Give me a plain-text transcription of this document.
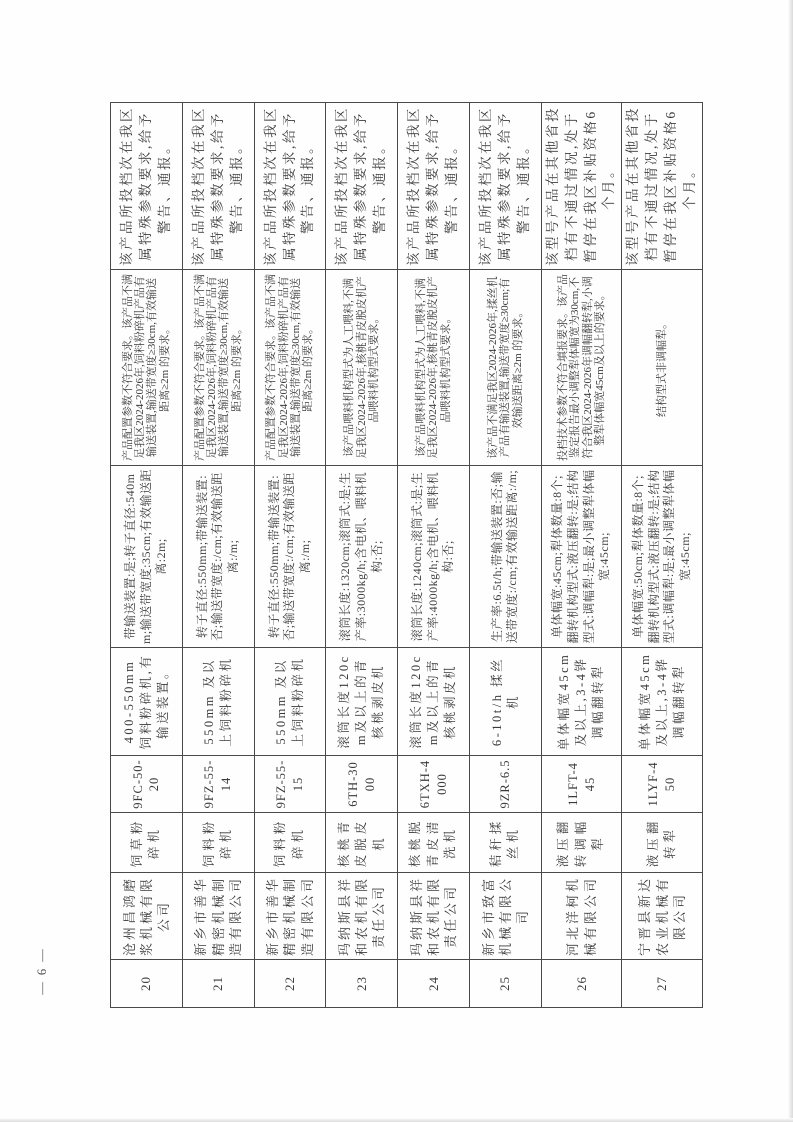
20	沧州昌鸿磨浆机械有限公司	饲草粉碎机	9FC-50-20	400-550mm 饲料粉碎机,有输送装置。	带输送装置:是;转子直径:540mm;输送带宽度:35cm;有效输送距离:2m;	产品配置参数不符合要求。该产品不满足我区2024-2026年,饲料粉碎机产品有输送装置,输送带宽度≥30cm,有效输送距离≥2m 的要求。	该产品所投档次在我区属特殊参数要求,给予警告、通报。
21	新乡市善华精密机械制造有限公司	饲料粉碎机	9FZ-55-14	550mm 及以上饲料粉碎机	转子直径:550mm;带输送装置:否;输送带宽度:/cm;有效输送距离:/m;	产品配置参数不符合要求。该产品不满足我区2024-2026年,饲料粉碎机产品有输送装置,输送带宽度≥30cm,有效输送距离≥2m 的要求。	该产品所投档次在我区属特殊参数要求,给予警告、通报。
22	新乡市善华精密机械制造有限公司	饲料粉碎机	9FZ-55-15	550mm 及以上饲料粉碎机	转子直径:550mm;带输送装置:否;输送带宽度:/cm;有效输送距离:/m;	产品配置参数不符合要求。该产品不满足我区2024-2026年,饲料粉碎机产品有输送装置,输送带宽度≥30cm,有效输送距离≥2m 的要求。	该产品所投档次在我区属特殊参数要求,给予警告、通报。
23	玛纳斯县祥和农机有限责任公司	核桃青皮脱皮机	6TH-3000	滚筒长度120cm及以上的青核桃剥皮机	滚筒长度:1320cm;滚筒式:是;生产率:3000kg/h;含电机、喂料机构:否;	该产品喂料机构型式为人工喂料,不满足我区2024-2026年,核桃青皮脱皮机产品喂料机构型式要求。	该产品所投档次在我区属特殊参数要求,给予警告、通报。
24	玛纳斯县祥和农机有限责任公司	核桃脱青皮清洗机	6TXH-4000	滚筒长度120cm及以上的青核桃剥皮机	滚筒长度:1240cm;滚筒式:是;生产率:4000kg/h;含电机、喂料机构:否;	该产品喂料机构型式为人工喂料,不满足我区2024-2026年,核桃青皮脱皮机产品喂料机构型式要求。	该产品所投档次在我区属特殊参数要求,给予警告、通报。
25	新乡市致富机械有限公司	秸秆揉丝机	9ZR-6.5	6-10t/h 揉丝机	生产率:6.5t/h;带输送装置:否;输送带宽度:/cm;有效输送距离:/m;	该产品不满足我区2024-2026年,揉丝机产品有输送装置,输送带宽度≥30cm;有效输送距离≥2m 的要求。	该产品所投档次在我区属特殊参数要求,给予警告、通报。
26	河北洋柯机械有限公司	液压翻转调幅犁	1LFT-445	单体幅宽45cm及以上,3-4铧调幅翻转犁	单体幅宽:45cm;犁体数量:8个;翻转机构型式:液压翻转:是;结构型式:调幅犁:是;最小调整犁体幅宽:45cm;	投档技术参数不符合填报要求。该产品鉴定报告最小调整犁体幅宽为30cm,不符合我区2024-2026年调幅翻转犁,小调整犁体幅宽45cm及以上的要求。	该型号产品在其他省投档有不通过情况,处于暂停在我区补贴资格6个月。
27	宁晋县新达农业机械有限公司	液压翻转犁	1LYF-450	单体幅宽45cm及以上,3-4铧调幅翻转犁	单体幅宽:50cm;犁体数量:8个;翻转机构型式:液压翻转:是;结构型式:调幅犁:是;最小调整犁体幅宽:45cm;	结构型式非调幅犁。	该型号产品在其他省投档有不通过情况,处于暂停在我区补贴资格6个月。
— 6 —
